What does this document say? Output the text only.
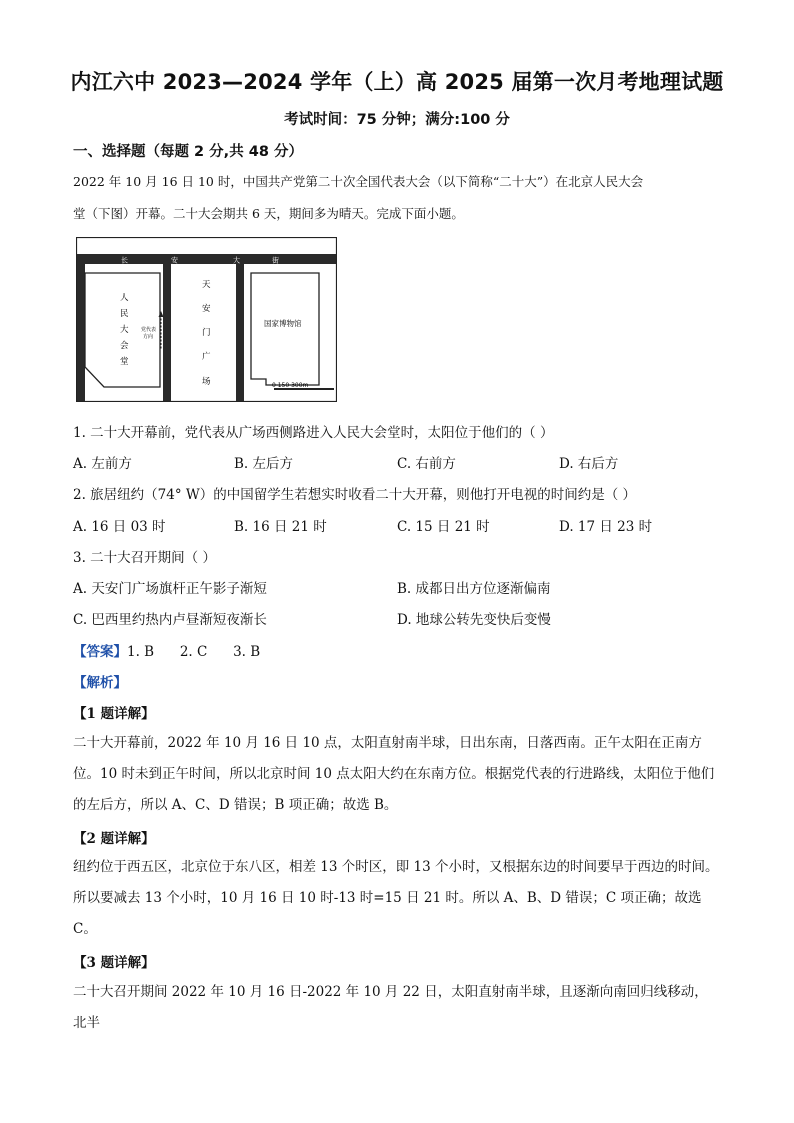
内江六中 2023—2024 学年（上）高 2025 届第一次月考地理试题
考试时间：75 分钟；满分:100 分
一、选择题（每题 2 分,共 48 分）
2022 年 10 月 16 日 10 时，中国共产党第二十次全国代表大会（以下简称“二十大”）在北京人民大会
堂（下图）开幕。二十大会期共 6 天，期间多为晴天。完成下面小题。
长	安	大	街
人
民
大
会
堂
党代表
方向
天
安
门
广
场
国家博物馆
0 150 300m
1. 二十大开幕前，党代表从广场西侧路进入人民大会堂时，太阳位于他们的（ ）
A. 左前方	B. 左后方	C. 右前方	D. 右后方
2. 旅居纽约（74° W）的中国留学生若想实时收看二十大开幕，则他打开电视的时间约是（ ）
A. 16 日 03 时	B. 16 日 21 时	C. 15 日 21 时	D. 17 日 23 时
3. 二十大召开期间（ ）
A. 天安门广场旗杆正午影子渐短	B. 成都日出方位逐渐偏南
C. 巴西里约热内卢昼渐短夜渐长	D. 地球公转先变快后变慢
【答案】1. B      2. C      3. B
【解析】
【1 题详解】
二十大开幕前，2022 年 10 月 16 日 10 点，太阳直射南半球，日出东南，日落西南。正午太阳在正南方位。10 时未到正午时间，所以北京时间 10 点太阳大约在东南方位。根据党代表的行进路线，太阳位于他们的左后方，所以 A、C、D 错误；B 项正确；故选 B。
【2 题详解】
纽约位于西五区，北京位于东八区，相差 13 个时区，即 13 个小时，又根据东边的时间要早于西边的时间。所以要减去 13 个小时，10 月 16 日 10 时-13 时=15 日 21 时。所以 A、B、D 错误；C 项正确；故选 C。
【3 题详解】
二十大召开期间 2022 年 10 月 16 日-2022 年 10 月 22 日，太阳直射南半球，且逐渐向南回归线移动，北半
